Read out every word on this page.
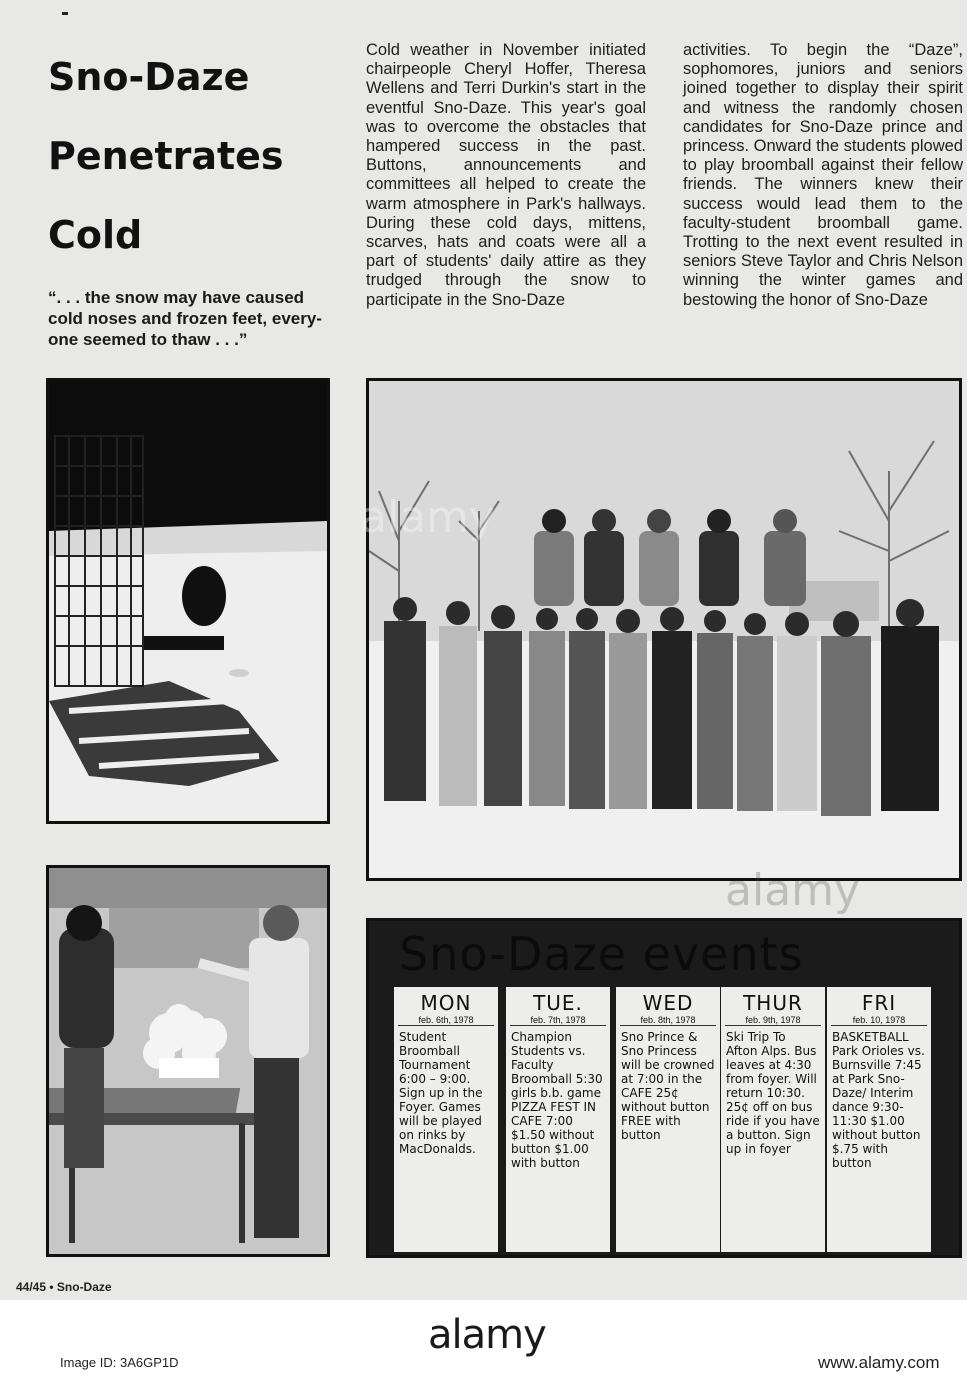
Sno-Daze
Penetrates
Cold

“. . . the snow may have caused cold noses and frozen feet, every-one seemed to thaw . . .”

Cold weather in November initiated chairpeople Cheryl Hoffer, Theresa Wellens and Terri Durkin's start in the eventful Sno-Daze. This year's goal was to overcome the obstacles that hampered success in the past. Buttons, announcements and committees all helped to create the warm atmosphere in Park's hallways. During these cold days, mittens, scarves, hats and coats were all a part of students' daily attire as they trudged through the snow to participate in the Sno-Daze
activities. To begin the “Daze”, sophomores, juniors and seniors joined together to display their spirit and witness the randomly chosen candidates for Sno-Daze prince and princess. Onward the students plowed to play broomball against their fellow friends. The winners knew their success would lead them to the faculty-student broomball game. Trotting to the next event resulted in seniors Steve Taylor and Chris Nelson winning the winter games and bestowing the honor of Sno-Daze
Sno-Daze events
MON
feb. 6th, 1978
Student Broomball Tournament 6:00 – 9:00. Sign up in the Foyer. Games will be played on rinks by MacDonalds.
TUE.
feb. 7th, 1978
Champion Students vs. Faculty Broomball 5:30 girls b.b. game PIZZA FEST IN CAFE 7:00 $1.50 without button $1.00 with button
WED
feb. 8th, 1978
Sno Prince & Sno Princess will be crowned at 7:00 in the CAFE 25¢ without button FREE with button
THUR
feb. 9th, 1978
Ski Trip To Afton Alps. Bus leaves at 4:30 from foyer. Will return 10:30. 25¢ off on bus ride if you have a button. Sign up in foyer
FRI
feb. 10, 1978
BASKETBALL Park Orioles vs. Burnsville 7:45 at Park Sno-Daze/ Interim dance 9:30-11:30 $1.00 without button $.75 with button
alamy
alamy
44/45 • Sno-Daze
alamy
Image ID: 3A6GP1D	www.alamy.com
